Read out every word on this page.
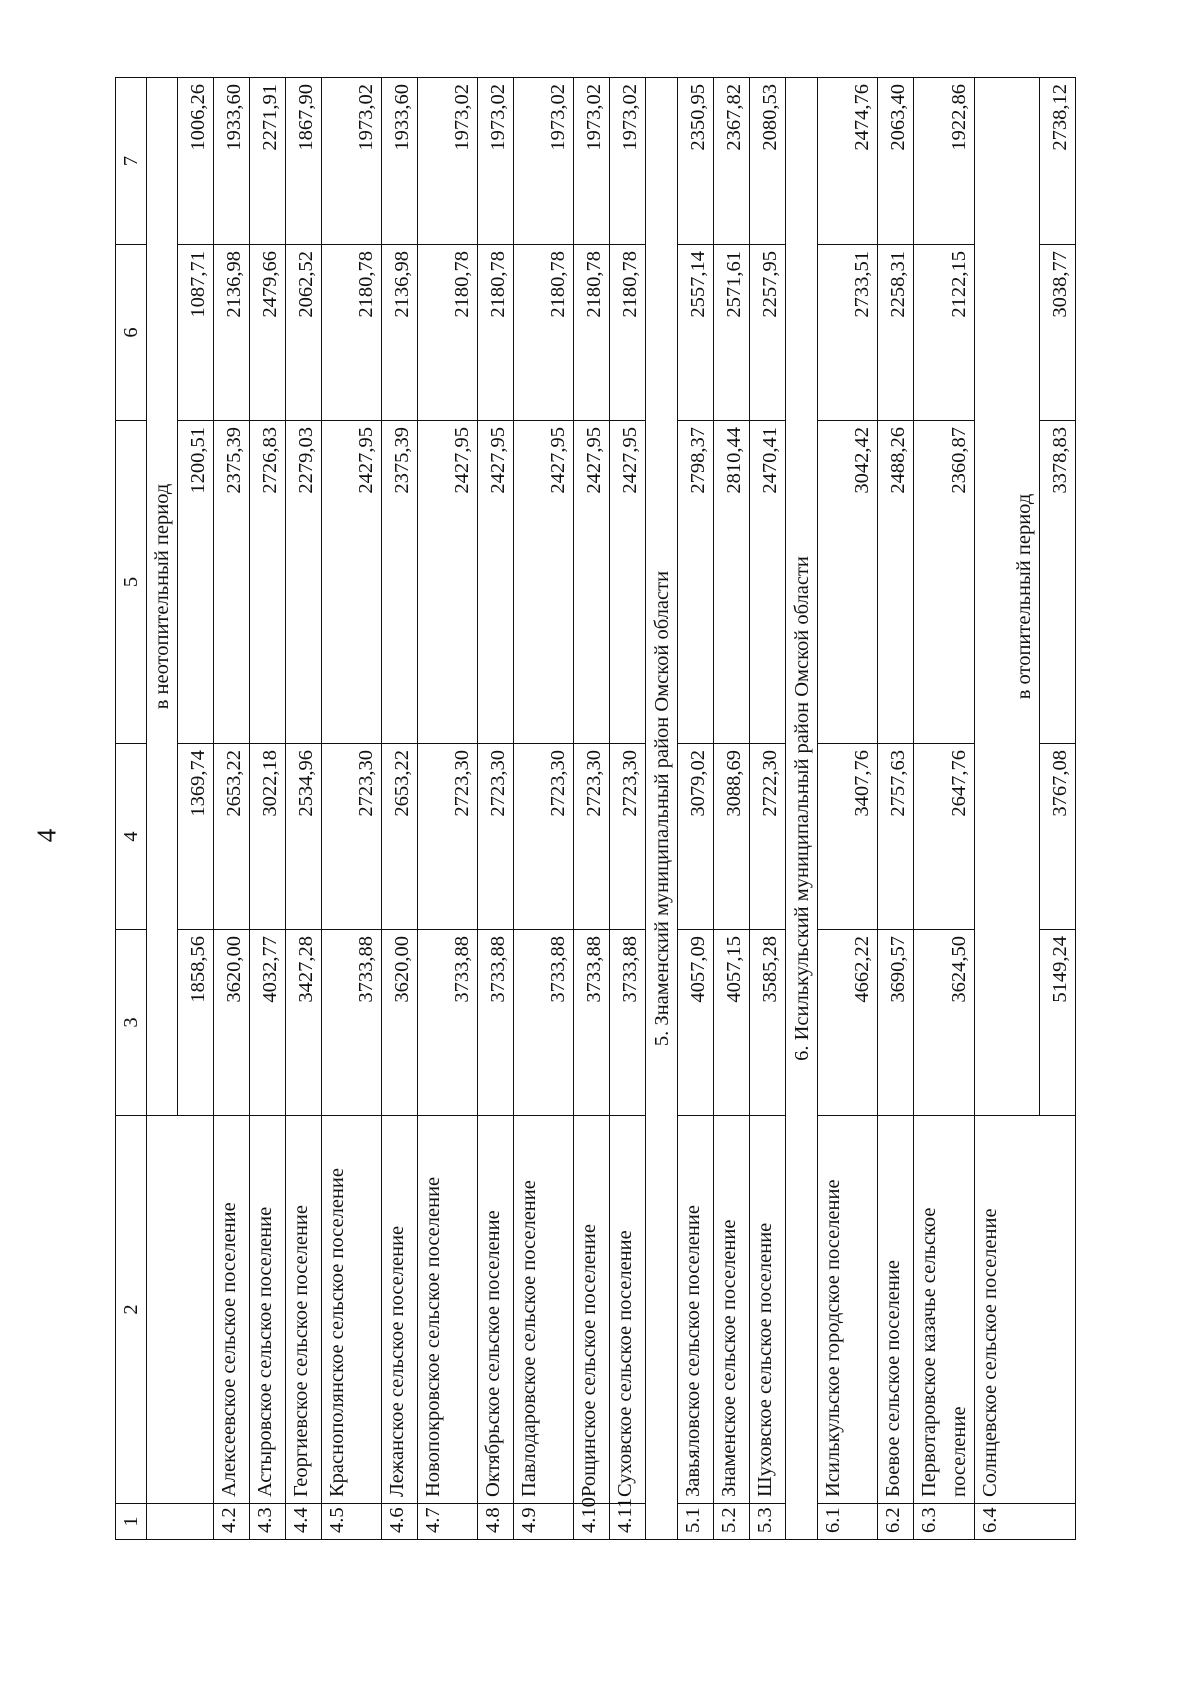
4
1	2	3	4	5	6	7
		в неотопительный период				
		1858,56	1369,74	1200,51	1087,71	1006,26
4.2	Алексеевское сельское поселение	3620,00	2653,22	2375,39	2136,98	1933,60
4.3	Астыровское сельское поселение	4032,77	3022,18	2726,83	2479,66	2271,91
4.4	Георгиевское сельское поселение	3427,28	2534,96	2279,03	2062,52	1867,90
4.5	Краснополянское сельское поселение	3733,88	2723,30	2427,95	2180,78	1973,02
4.6	Лежанское сельское поселение	3620,00	2653,22	2375,39	2136,98	1933,60
4.7	Новопокровское сельское поселение	3733,88	2723,30	2427,95	2180,78	1973,02
4.8	Октябрьское сельское поселение	3733,88	2723,30	2427,95	2180,78	1973,02
4.9	Павлодаровское сельское поселение	3733,88	2723,30	2427,95	2180,78	1973,02
4.10	Рощинское сельское поселение	3733,88	2723,30	2427,95	2180,78	1973,02
4.11	Суховское сельское поселение	3733,88	2723,30	2427,95	2180,78	1973,02
5. Знаменский муниципальный район Омской области						
5.1	Завьяловское сельское поселение	4057,09	3079,02	2798,37	2557,14	2350,95
5.2	Знаменское сельское поселение	4057,15	3088,69	2810,44	2571,61	2367,82
5.3	Шуховское сельское поселение	3585,28	2722,30	2470,41	2257,95	2080,53
6. Исилькульский муниципальный район Омской области						
6.1	Исилькульское городское поселение	4662,22	3407,76	3042,42	2733,51	2474,76
6.2	Боевое сельское поселение	3690,57	2757,63	2488,26	2258,31	2063,40
6.3	Первотаровское казачье сельское поселение	3624,50	2647,76	2360,87	2122,15	1922,86
6.4	Солнцевское сельское поселение					
		в отопительный период				
		5149,24	3767,08	3378,83	3038,77	2738,12
